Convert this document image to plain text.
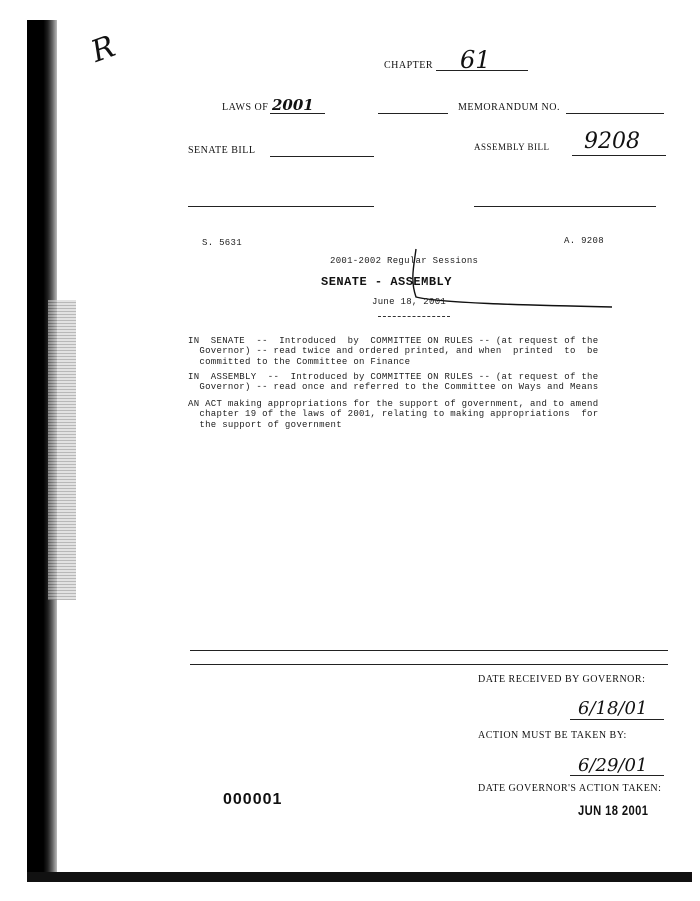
R	CHAPTER 61
LAWS OF 2001	MEMORANDUM NO.
SENATE BILL	ASSEMBLY BILL 9208
S. 5631	A. 9208
2001-2002 Regular Sessions
SENATE - ASSEMBLY
June 18, 2001

IN  SENATE  --  Introduced  by  COMMITTEE ON RULES -- (at request of the
Governor) -- read twice and ordered printed, and when  printed  to  be
committed to the Committee on Finance

IN  ASSEMBLY  --  Introduced by COMMITTEE ON RULES -- (at request of the
Governor) -- read once and referred to the Committee on Ways and Means

AN ACT making appropriations for the support of government, and to amend
chapter 19 of the laws of 2001, relating to making appropriations  for
the support of government

DATE RECEIVED BY GOVERNOR:
6/18/01
ACTION MUST BE TAKEN BY:
6/29/01
DATE GOVERNOR'S ACTION TAKEN:
JUN 18 2001
000001
